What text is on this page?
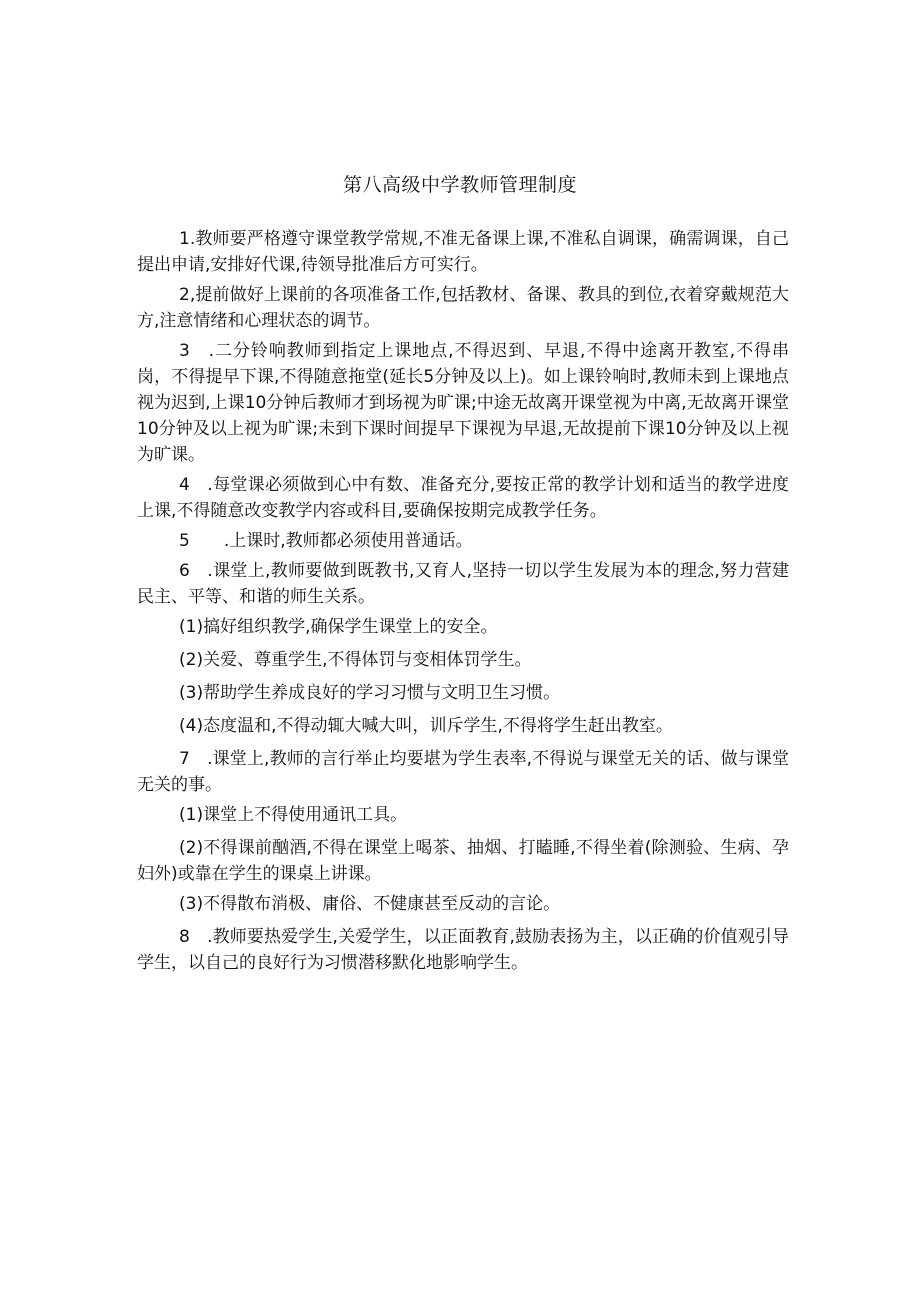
第八高级中学教师管理制度

1.教师要严格遵守课堂教学常规,不准无备课上课,不准私自调课，确需调课，自己提出申请,安排好代课,待领导批准后方可实行。

2,提前做好上课前的各项准备工作,包括教材、备课、教具的到位,衣着穿戴规范大方,注意情绪和心理状态的调节。

3　.二分铃响教师到指定上课地点,不得迟到、早退,不得中途离开教室,不得串岗，不得提早下课,不得随意拖堂(延长5分钟及以上)。如上课铃响时,教师未到上课地点视为迟到,上课10分钟后教师才到场视为旷课;中途无故离开课堂视为中离,无故离开课堂10分钟及以上视为旷课;未到下课时间提早下课视为早退,无故提前下课10分钟及以上视为旷课。

4　.每堂课必须做到心中有数、准备充分,要按正常的教学计划和适当的教学进度上课,不得随意改变教学内容或科目,要确保按期完成教学任务。

5　　.上课时,教师都必须使用普通话。

6　.课堂上,教师要做到既教书,又育人,坚持一切以学生发展为本的理念,努力营建民主、平等、和谐的师生关系。

(1)搞好组织教学,确保学生课堂上的安全。

(2)关爱、尊重学生,不得体罚与变相体罚学生。

(3)帮助学生养成良好的学习习惯与文明卫生习惯。

(4)态度温和,不得动辄大喊大叫，训斥学生,不得将学生赶出教室。

7　.课堂上,教师的言行举止均要堪为学生表率,不得说与课堂无关的话、做与课堂无关的事。

(1)课堂上不得使用通讯工具。

(2)不得课前酗酒,不得在课堂上喝茶、抽烟、打瞌睡,不得坐着(除测验、生病、孕妇外)或靠在学生的课桌上讲课。

(3)不得散布消极、庸俗、不健康甚至反动的言论。

8　.教师要热爱学生,关爱学生，以正面教育,鼓励表扬为主，以正确的价值观引导学生，以自己的良好行为习惯潜移默化地影响学生。
